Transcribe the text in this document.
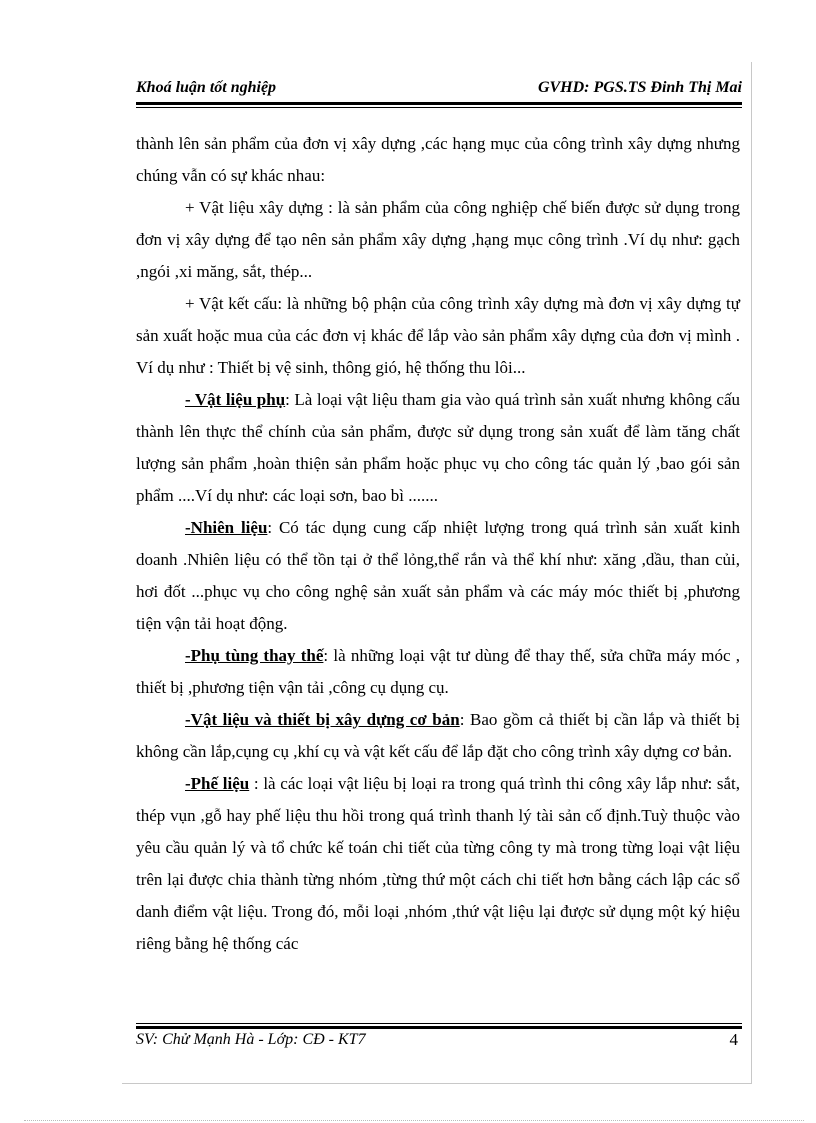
Khoá luận tốt nghiệp	GVHD: PGS.TS Đinh Thị Mai

thành lên sản phẩm của đơn vị xây dựng ,các hạng mục của công trình xây dựng nhưng chúng vẫn có sự khác nhau:

+ Vật liệu xây dựng : là sản phẩm của công nghiệp chế biến được sử dụng trong đơn vị xây dựng để tạo nên sản phẩm xây dựng ,hạng mục công trình .Ví dụ như: gạch ,ngói ,xi măng, sắt, thép...

+ Vật kết cấu: là những bộ phận của công trình xây dựng mà đơn vị xây dựng tự sản xuất hoặc mua của các đơn vị khác để lắp vào sản phẩm xây dựng của đơn vị mình . Ví dụ như : Thiết bị vệ sinh, thông gió, hệ thống thu lôi...

- Vật liệu phụ: Là loại vật liệu tham gia vào quá trình sản xuất nhưng không cấu thành lên thực thể chính của sản phẩm, được sử dụng trong sản xuất để làm tăng chất lượng sản phẩm ,hoàn thiện sản phẩm hoặc phục vụ cho công tác quản lý ,bao gói sản phẩm ....Ví dụ như: các loại sơn, bao bì .......

-Nhiên liệu: Có tác dụng cung cấp nhiệt lượng trong quá trình sản xuất kinh doanh .Nhiên liệu có thể tồn tại ở thể lỏng,thể rắn và thể khí như: xăng ,dầu, than củi, hơi đốt ...phục vụ cho công nghệ sản xuất sản phẩm và các máy móc thiết bị ,phương tiện vận tải hoạt động.

-Phụ tùng thay thế: là những loại vật tư dùng để thay thế, sửa chữa máy móc , thiết bị ,phương tiện vận tải ,công cụ dụng cụ.

-Vật liệu và thiết bị xây dựng cơ bản: Bao gồm cả thiết bị cần lắp và thiết bị không cần lắp,cụng cụ ,khí cụ và vật kết cấu để lắp đặt cho công trình xây dựng cơ bản.

-Phế liệu : là các loại vật liệu bị loại ra trong quá trình thi công xây lắp như: sắt, thép vụn ,gỗ hay phế liệu thu hồi trong quá trình thanh lý tài sản cố định.Tuỳ thuộc vào yêu cầu quản lý và tổ chức kế toán chi tiết của từng công ty mà trong từng loại vật liệu trên lại được chia thành từng nhóm ,từng thứ một cách chi tiết hơn bằng cách lập các sổ danh điểm vật liệu. Trong đó, mỗi loại ,nhóm ,thứ vật liệu lại được sử dụng một ký hiệu riêng bằng hệ thống các

SV: Chử Mạnh Hà - Lớp: CĐ - KT7	4
